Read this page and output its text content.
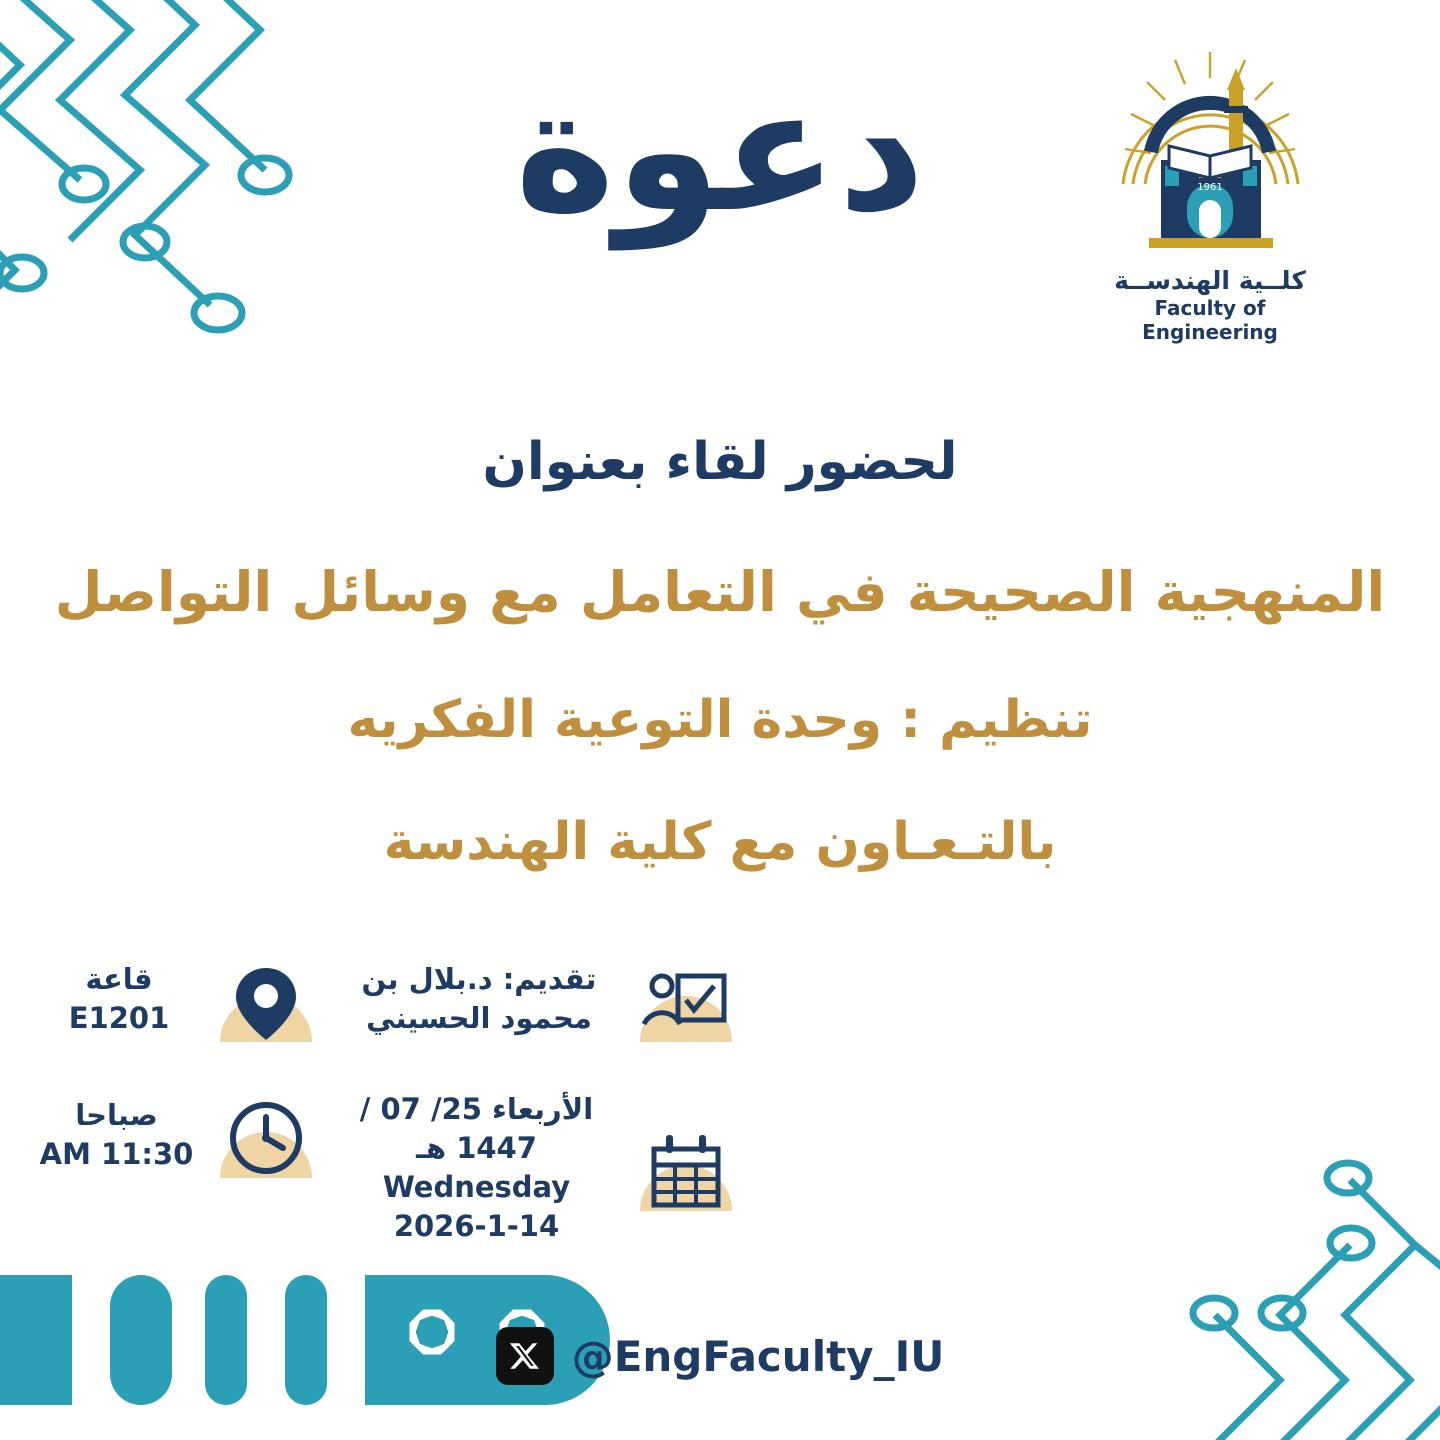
1961
كلــية الهندســة
Faculty of Engineering
دعوة
لحضور لقاء بعنوان
المنهجية الصحيحة في التعامل مع وسائل التواصل
تنظيم : وحدة التوعية الفكريه
بالتـعـاون مع كلية الهندسة
تقديم: د.بلال بن محمود الحسيني
قاعة E1201
الأربعاء 25/ 07 / 1447 هـ
Wednesday 2026-1-14
صباحا 11:30 AM
@EngFaculty_IU
